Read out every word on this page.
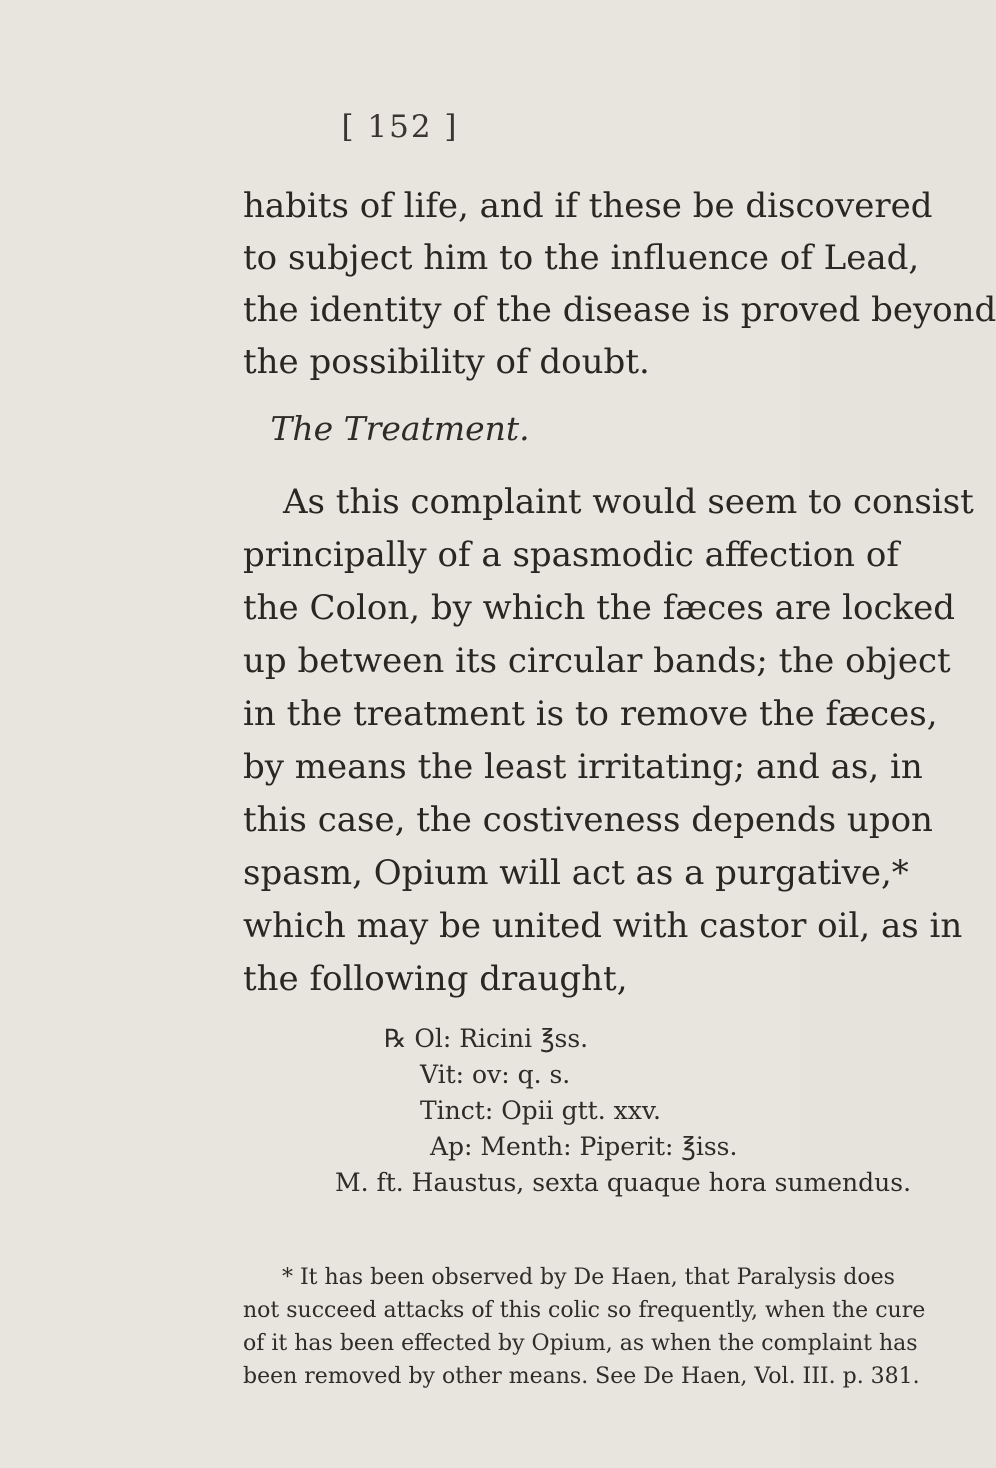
[ 152 ]
habits of life, and if these be discovered
to subject him to the influence of Lead,
the identity of the disease is proved beyond
the possibility of doubt.
The Treatment.
As this complaint would seem to consist
principally of a spasmodic affection of
the Colon, by which the fæces are locked
up between its circular bands; the object
in the treatment is to remove the fæces,
by means the least irritating; and as, in
this case, the costiveness depends upon
spasm, Opium will act as a purgative,*
which may be united with castor oil, as in
the following draught,
℞ Ol: Ricini ℥ss.
Vit: ov: q. s.
Tinct: Opii gtt. xxv.
Ap: Menth: Piperit: ℥iss.
M. ft. Haustus, sexta quaque hora sumendus.
* It has been observed by De Haen, that Paralysis does
not succeed attacks of this colic so frequently, when the cure
of it has been effected by Opium, as when the complaint has
been removed by other means. See De Haen, Vol. III. p. 381.
